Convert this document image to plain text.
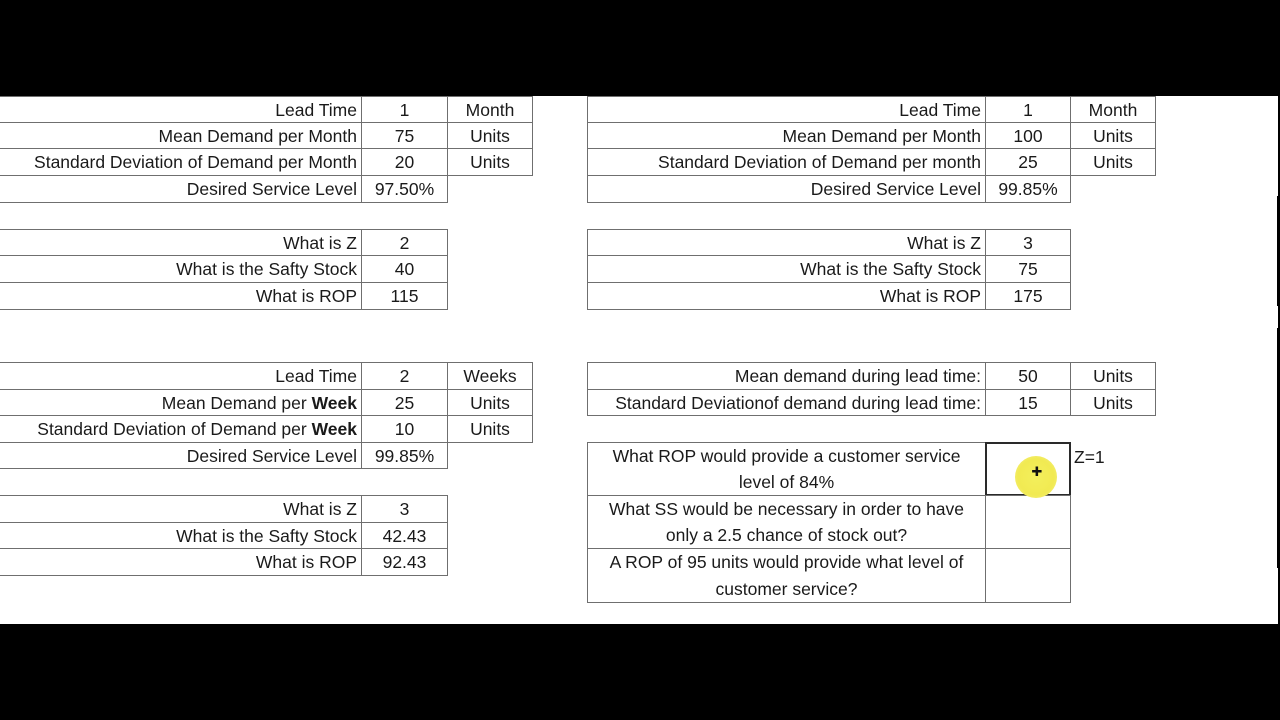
Lead Time	1	Month
Mean Demand per Month	75	Units
Standard Deviation of Demand per Month	20	Units
Desired Service Level	97.50%
What is Z	2
What is the Safty Stock	40
What is ROP	115
Lead Time	1	Month
Mean Demand per Month	100	Units
Standard Deviation of Demand per month	25	Units
Desired Service Level 99.85%
What is Z	3
What is the Safty Stock	75
What is ROP	175
Lead Time	2	Weeks
Mean Demand per Week	25	Units
Standard Deviation of Demand per Week	10	Units
Desired Service Level	99.85%
What is Z	3
What is the Safty Stock	42.43
What is ROP	92.43
Mean demand during lead time:	50	Units
Standard Deviationof demand during lead time:	15	Units
What ROP would provide a customer service level of 84%
What SS would be necessary in order to have only a 2.5 chance of stock out?
A ROP of 95 units would provide what level of customer service?
Z=1
✚
